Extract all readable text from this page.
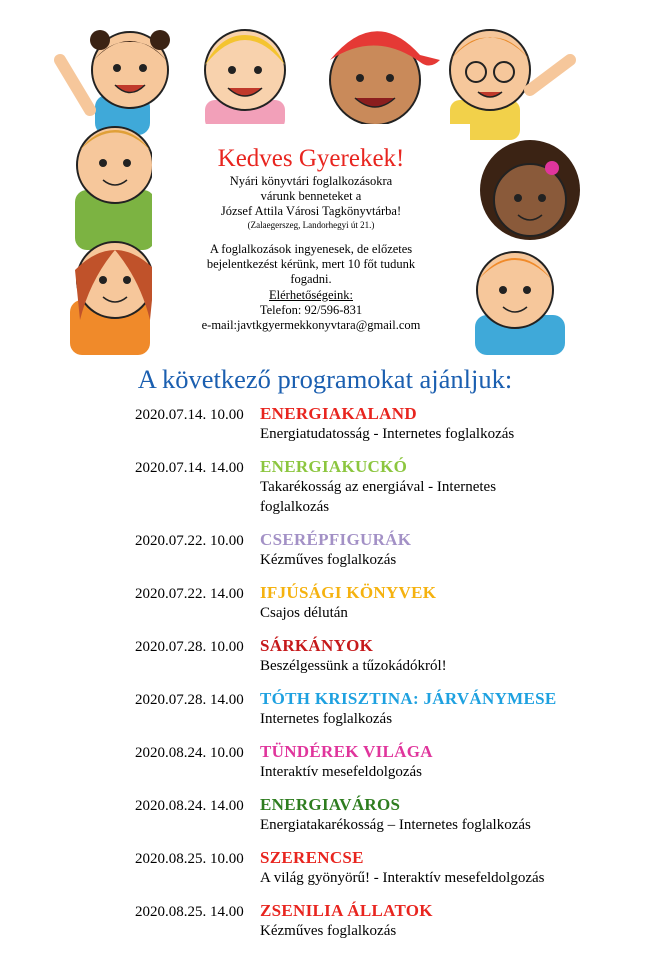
Kedves Gyerekek!
Nyári könyvtári foglalkozásokra
várunk benneteket a
József Attila Városi Tagkönyvtárba!
(Zalaegerszeg, Landorhegyi út 21.)
A foglalkozások ingyenesek, de előzetes
bejelentkezést kérünk, mert 10 főt tudunk
fogadni.
Elérhetőségeink:
Telefon: 92/596-831
e-mail:javtkgyermekkonyvtara@gmail.com
A következő programokat ajánljuk:
2020.07.14. 10.00 ENERGIAKALAND
Energiatudatosság - Internetes foglalkozás
2020.07.14. 14.00 ENERGIAKUCKÓ
Takarékosság az energiával - Internetes foglalkozás
2020.07.22. 10.00 CSERÉPFIGURÁK
Kézműves foglalkozás
2020.07.22. 14.00 IFJÚSÁGI KÖNYVEK
Csajos délután
2020.07.28. 10.00 SÁRKÁNYOK
Beszélgessünk a tűzokádókról!
2020.07.28. 14.00 TÓTH KRISZTINA: JÁRVÁNYMESE
Internetes foglalkozás
2020.08.24. 10.00 TÜNDÉREK VILÁGA
Interaktív mesefeldolgozás
2020.08.24. 14.00 ENERGIAVÁROS
Energiatakarékosság – Internetes foglalkozás
2020.08.25. 10.00 SZERENCSE
A világ gyönyörű! - Interaktív mesefeldolgozás
2020.08.25. 14.00 ZSENILIA ÁLLATOK
Kézműves foglalkozás
